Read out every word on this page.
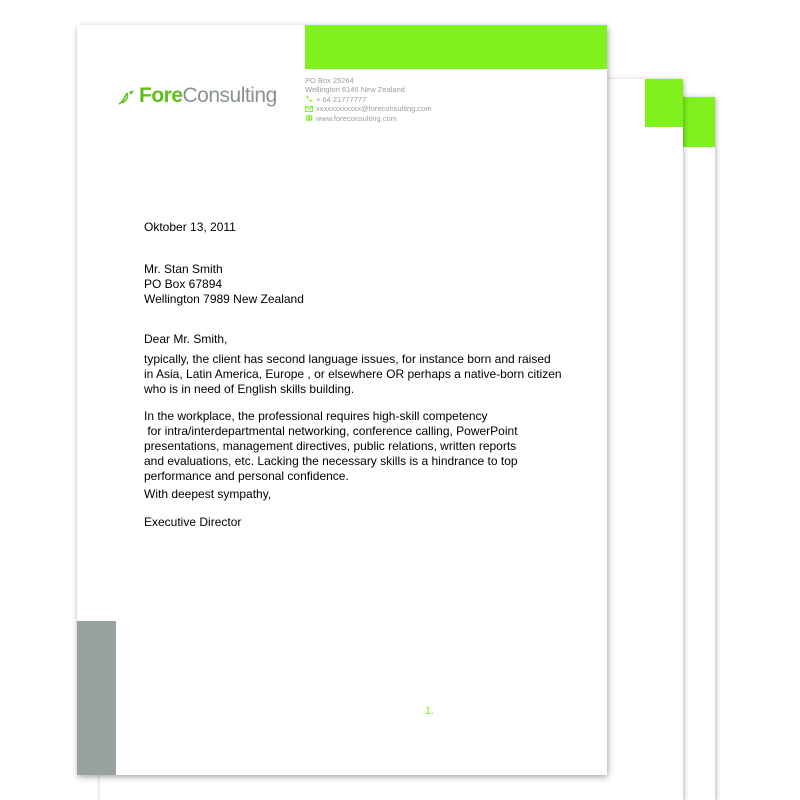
Fore Consulting
PO Box 25264
Wellington 6146 New Zealand
+ 64 21777777
xxxxxxxxxxxx@foreconsulting.com
www.foreconsulting.com
Oktober 13, 2011
Mr. Stan Smith
PO Box 67894
Wellington 7989 New Zealand
Dear Mr. Smith,
typically, the client has second language issues, for instance born and raised
in Asia, Latin America, Europe , or elsewhere OR perhaps a native-born citizen
who is in need of English skills building.
In the workplace, the professional requires high-skill competency
for intra/interdepartmental networking, conference calling, PowerPoint
presentations, management directives, public relations, written reports
and evaluations, etc. Lacking the necessary skills is a hindrance to top
performance and personal confidence.
With deepest sympathy,
Executive Director
1.
